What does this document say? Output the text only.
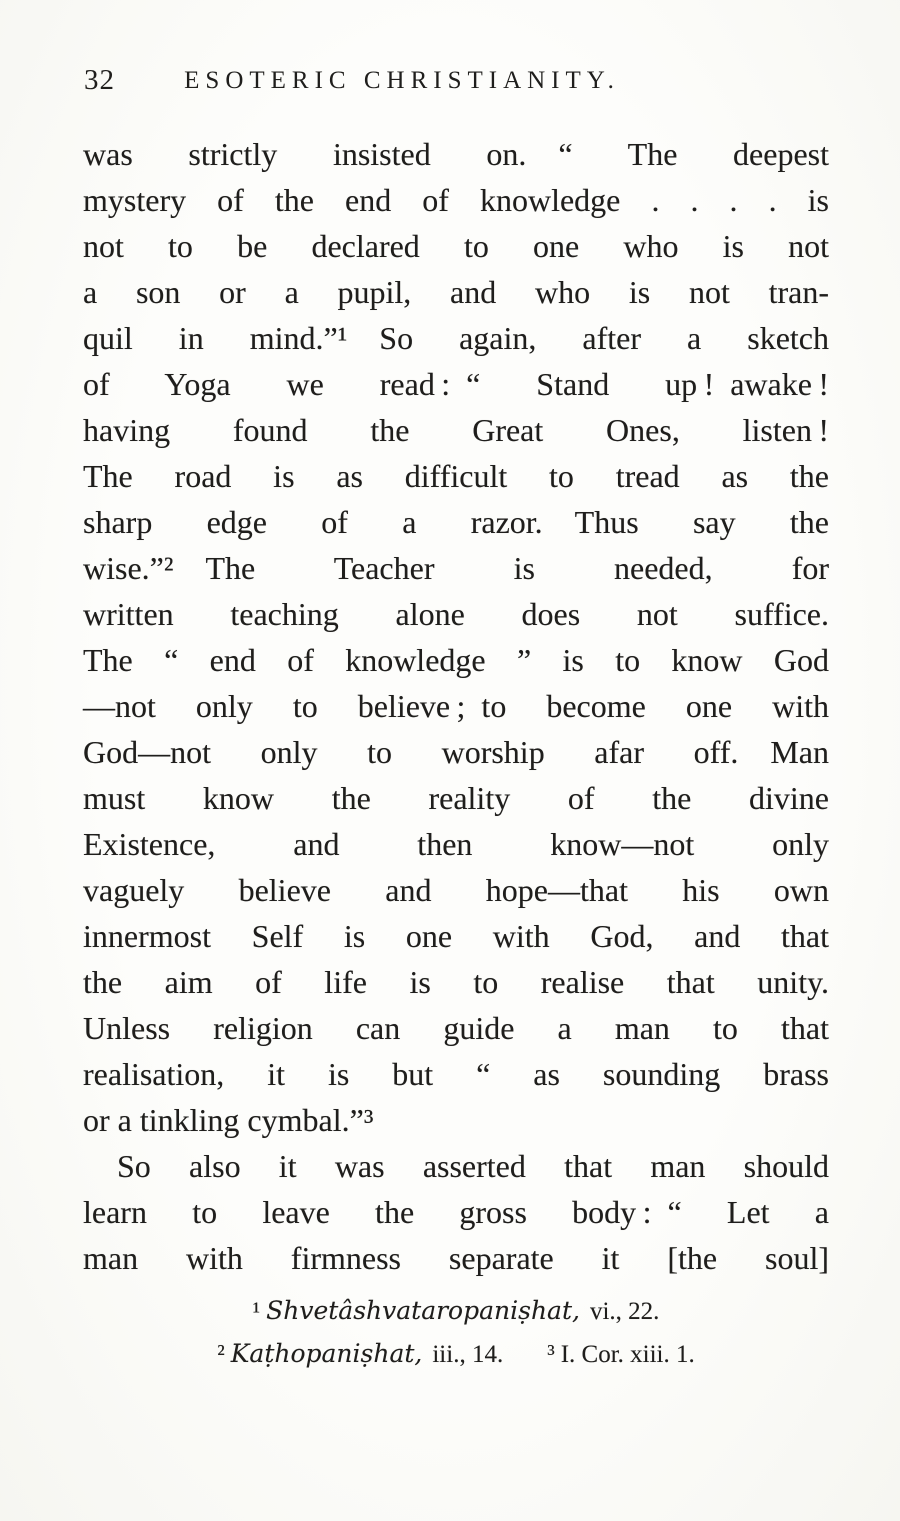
32	ESOTERIC CHRISTIANITY.
was strictly insisted on. “ The deepest
mystery of the end of knowledge . . . . is
not to be declared to one who is not
a son or a pupil, and who is not tran-
quil in mind.”¹ So again, after a sketch
of Yoga we read : “ Stand up ! awake !
having found the Great Ones, listen !
The road is as difficult to tread as the
sharp edge of a razor. Thus say the
wise.”² The Teacher is needed, for
written teaching alone does not suffice.
The “ end of knowledge ” is to know God
—not only to believe ; to become one with
God—not only to worship afar off. Man
must know the reality of the divine
Existence, and then know—not only
vaguely believe and hope—that his own
innermost Self is one with God, and that
the aim of life is to realise that unity.
Unless religion can guide a man to that
realisation, it is but “ as sounding brass
or a tinkling cymbal.”³
So also it was asserted that man should
learn to leave the gross body : “ Let a
man with firmness separate it [the soul]
¹ Shvetâshvataropaniṣhat, vi., 22.
² Kaṭhopaniṣhat, iii., 14. ³ I. Cor. xiii. 1.
